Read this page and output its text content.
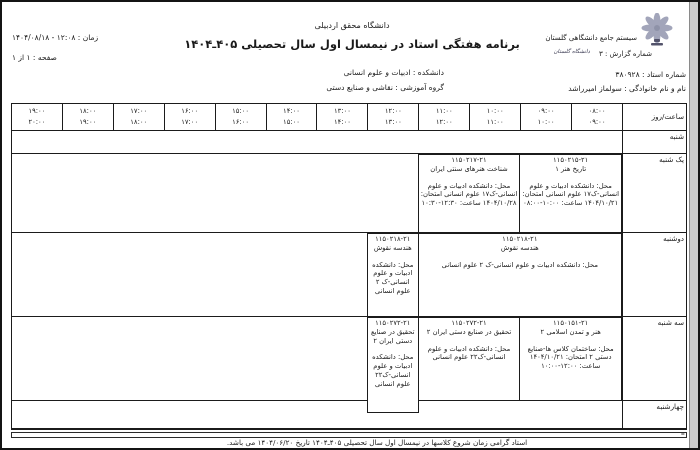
دانشگاه محقق اردبیلی
برنامه هفتگی استاد در نیمسال اول سال تحصیلی ۴۰۵ـ۱۴۰۴
زمان : ۱۲:۰۸ - ۱۴۰۴/۰۸/۱۸
صفحه : ۱ از ۱
سیستم جامع دانشگاهی گلستان
دانشگاه گلستان شماره گزارش : ۳
شماره استاد : ۳۸۰۹۲۸
نام و نام خانوادگی : سولماز امیرراشد
دانشکده : ادبیات و علوم انسانی
گروه آموزشی : نقاشی و صنایع دستی
ساعت/روز
۰۸:۰۰
۰۹:۰۰
۰۹:۰۰
۱۰:۰۰
۱۰:۰۰
۱۱:۰۰
۱۱:۰۰
۱۲:۰۰
۱۲:۰۰
۱۳:۰۰
۱۳:۰۰
۱۴:۰۰
۱۴:۰۰
۱۵:۰۰
۱۵:۰۰
۱۶:۰۰
۱۶:۰۰
۱۷:۰۰
۱۷:۰۰
۱۸:۰۰
۱۸:۰۰
۱۹:۰۰
۱۹:۰۰
۲۰:۰۰
شنبه
یک شنبه
دوشنبه
سه شنبه
چهارشنبه
۱۱۵۰۲۱۵‎-‎۲۱
تاریخ هنر ۱
محل: دانشکده ادبیات و علوم انسانی-ک۱۷ علوم انسانی امتحان: ۱۴۰۴/۱۰/۲۱ ساعت: ۰۸:۰۰‎-‎۱۰:۰۰
۱۱۵۰۲۱۷‎-‎۲۱
شناخت هنرهای سنتی ایران
محل: دانشکده ادبیات و علوم انسانی-ک۱۷ علوم انسانی امتحان: ۱۴۰۴/۱۰/۲۸ ساعت: ۱۰:۳۰‎-‎۱۲:۳۰
۱۱۵۰۲۱۸‎-‎۲۱
هندسه نقوش
محل: دانشکده ادبیات و علوم انسانی-ک ۲ علوم انسانی
۱۱۵۰۲۱۸‎-‎۲۱
هندسه نقوش
محل: دانشکده ادبیات و علوم انسانی-ک ۲ علوم انسانی
۱۱۵۰۱۵۱‎-‎۲۱
هنر و تمدن اسلامی ۲
محل: ساختمان کلاس ها-صنایع دستی ۲ امتحان: ۱۴۰۴/۱۰/۲۱ ساعت: ۱۰:۰۰‎-‎۱۲:۰۰
۱۱۵۰۲۷۲‎-‎۲۱
تحقیق در صنایع دستی ایران ۲
محل: دانشکده ادبیات و علوم انسانی-ک۲۲ علوم انسانی
۱۱۵۰۲۷۲‎-‎۲۱
تحقیق در صنایع دستی ایران ۲
محل: دانشکده ادبیات و علوم انسانی-ک۲۲ علوم انسانی
=
استاد گرامی زمان شروع کلاسها در نیمسال اول سال تحصیلی ۴۰۵ـ۱۴۰۴ تاریخ ۱۴۰۴/۰۶/۲۰ می باشد.
